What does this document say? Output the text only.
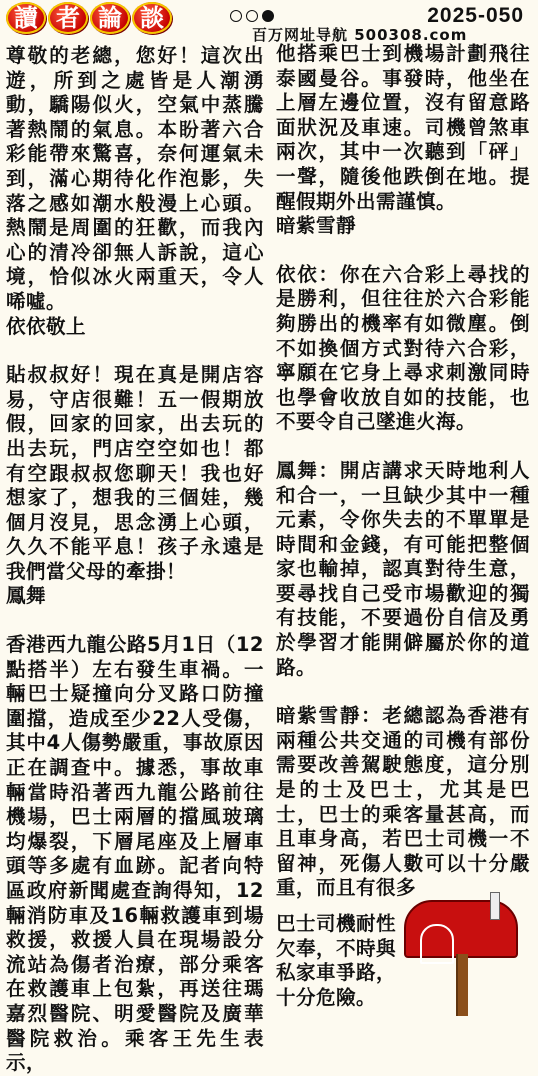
讀 者 論 談	2025-050
百万网址导航 500308.com

尊敬的老總，您好！這次出遊，所到之處皆是人潮湧動，驕陽似火，空氣中蒸騰著熱鬧的氣息。本盼著六合彩能帶來驚喜，奈何運氣未到，滿心期待化作泡影，失落之感如潮水般漫上心頭。熱鬧是周圍的狂歡，而我內心的清冷卻無人訴說，這心境，恰似冰火兩重天，令人唏噓。

依依敬上

貼叔叔好！現在真是開店容易，守店很難！五一假期放假，回家的回家，出去玩的出去玩，門店空空如也！都有空跟叔叔您聊天！我也好想家了，想我的三個娃，幾個月沒見，思念湧上心頭，久久不能平息！孩子永遠是我們當父母的牽掛！

鳳舞

香港西九龍公路5月1日（12點搭半）左右發生車禍。一輛巴士疑撞向分叉路口防撞圍擋，造成至少22人受傷，其中4人傷勢嚴重，事故原因正在調查中。據悉，事故車輛當時沿著西九龍公路前往機場，巴士兩層的擋風玻璃均爆裂，下層尾座及上層車頭等多處有血跡。記者向特區政府新聞處查詢得知，12輛消防車及16輛救護車到場救援，救援人員在現場設分流站為傷者治療，部分乘客在救護車上包紮，再送往瑪嘉烈醫院、明愛醫院及廣華醫院救治。乘客王先生表示，

他搭乘巴士到機場計劃飛往泰國曼谷。事發時，他坐在上層左邊位置，沒有留意路面狀況及車速。司機曾煞車兩次，其中一次聽到「砰」一聲，隨後他跌倒在地。提醒假期外出需謹慎。

暗紫雪靜

依依：你在六合彩上尋找的是勝利，但往往於六合彩能夠勝出的機率有如微塵。倒不如換個方式對待六合彩，寧願在它身上尋求刺激同時也學會收放自如的技能，也不要令自己墜進火海。

鳳舞：開店講求天時地利人和合一，一旦缺少其中一種元素，令你失去的不單單是時間和金錢，有可能把整個家也輸掉，認真對待生意，要尋找自己受市場歡迎的獨有技能，不要過份自信及勇於學習才能開僻屬於你的道路。

暗紫雪靜：老總認為香港有兩種公共交通的司機有部份需要改善駕駛態度，這分別是的士及巴士，尤其是巴士，巴士的乘客量甚高，而且車身高，若巴士司機一不留神，死傷人數可以十分嚴重，而且有很多

巴士司機耐性
欠奉，不時與
私家車爭路，
十分危險。
